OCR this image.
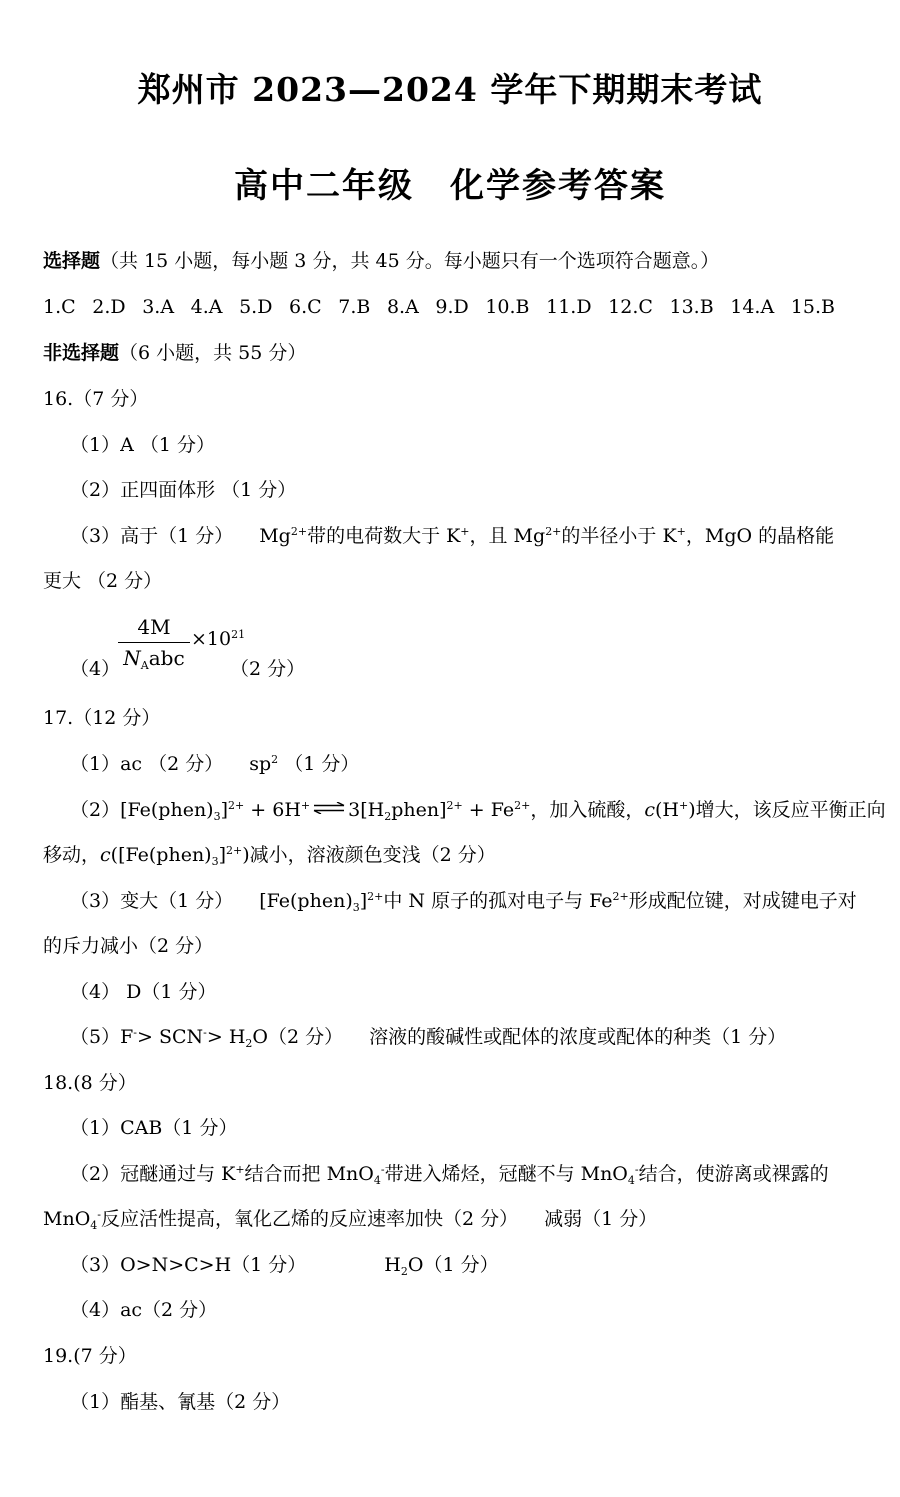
郑州市 2023—2024 学年下期期末考试
高中二年级　化学参考答案
选择题（共 15 小题，每小题 3 分，共 45 分。每小题只有一个选项符合题意。）
1.C 2.D 3.A 4.A 5.D 6.C 7.B 8.A 9.D 10.B 11.D 12.C 13.B 14.A 15.B
非选择题（6 小题，共 55 分）
16.（7 分）
（1）A （1 分）
（2）正四面体形 （1 分）
（3）高于（1 分） $Mg^{2+}$带的电荷数大于 K+，且 $Mg^{2+}$的半径小于 K+，MgO 的晶格能
更大 （2 分）
（4）
4M
$N_Aabc$
$\times 10^{21}$
（2 分）
17.（12 分）
（1）ac （2 分） $sp^2$ （1 分）
$(2)[Fe(phen)_3]^{2+} + 6H^+$ ⇌ $3[H_2phen]^{2+} + Fe^{2+}$，加入硫酸，c(H+)增大，该反应平衡正向
移动，$c([Fe(phen)_3]^{2+})$减小，溶液颜色变浅（2 分）
（3）变大（1 分） $[Fe(phen)_3]^{2+}$中 N 原子的孤对电子与 $Fe^{2+}$形成配位键，对成键电子对
的斥力减小（2 分）
（4） D（1 分）
$(5)F^-> SCN^-> H_2O(2$ 分） 溶液的酸碱性或配体的浓度或配体的种类（1 分）
18.(8 分）
（1）CAB（1 分）
（2）冠醚通过与 K+结合而把 MnO$_4$-带进入烯烃，冠醚不与 MnO$_4$-结合，使游离或裸露的
MnO$_4$-反应活性提高，氧化乙烯的反应速率加快（2 分） 减弱（1 分）
（3）O>N>C>H（1 分）	$H_2O(1$ 分）
（4）ac（2 分）
19.(7 分）
（1）酯基、氰基（2 分）
